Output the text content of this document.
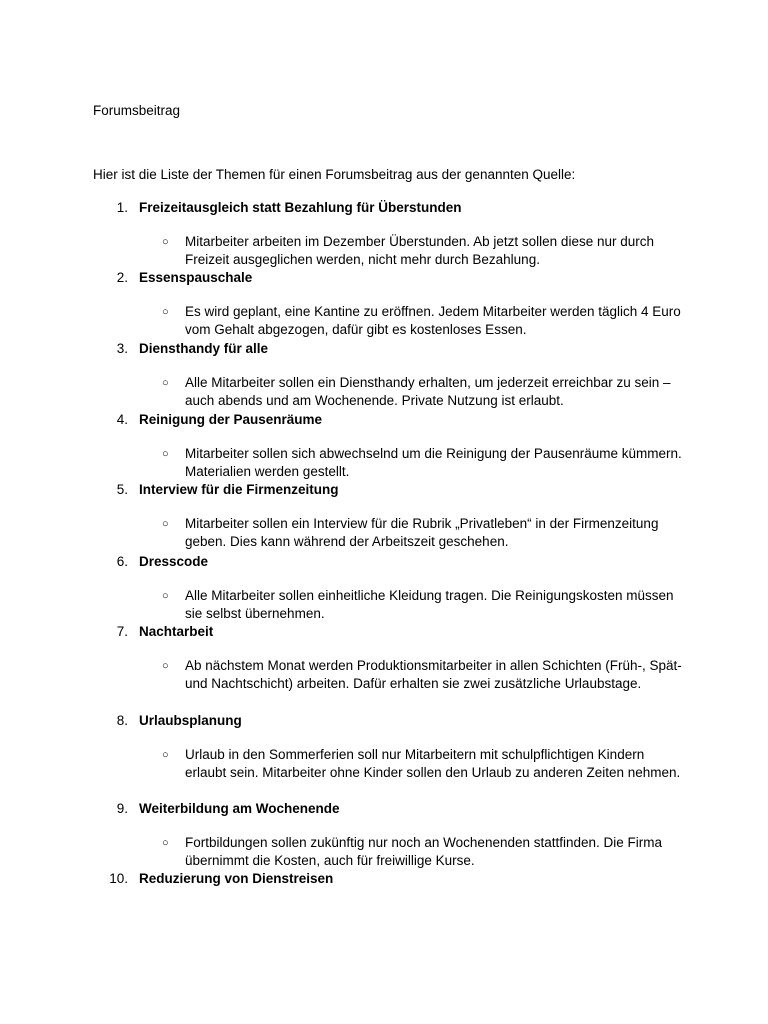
Forumsbeitrag
Hier ist die Liste der Themen für einen Forumsbeitrag aus der genannten Quelle:
1. Freizeitausgleich statt Bezahlung für Überstunden
○ Mitarbeiter arbeiten im Dezember Überstunden. Ab jetzt sollen diese nur durch Freizeit ausgeglichen werden, nicht mehr durch Bezahlung.
2. Essenspauschale
○ Es wird geplant, eine Kantine zu eröffnen. Jedem Mitarbeiter werden täglich 4 Euro vom Gehalt abgezogen, dafür gibt es kostenloses Essen.
3. Diensthandy für alle
○ Alle Mitarbeiter sollen ein Diensthandy erhalten, um jederzeit erreichbar zu sein – auch abends und am Wochenende. Private Nutzung ist erlaubt.
4. Reinigung der Pausenräume
○ Mitarbeiter sollen sich abwechselnd um die Reinigung der Pausenräume kümmern. Materialien werden gestellt.
5. Interview für die Firmenzeitung
○ Mitarbeiter sollen ein Interview für die Rubrik „Privatleben“ in der Firmenzeitung geben. Dies kann während der Arbeitszeit geschehen.
6. Dresscode
○ Alle Mitarbeiter sollen einheitliche Kleidung tragen. Die Reinigungskosten müssen sie selbst übernehmen.
7. Nachtarbeit
○ Ab nächstem Monat werden Produktionsmitarbeiter in allen Schichten (Früh-, Spät- und Nachtschicht) arbeiten. Dafür erhalten sie zwei zusätzliche Urlaubstage.
8. Urlaubsplanung
○ Urlaub in den Sommerferien soll nur Mitarbeitern mit schulpflichtigen Kindern erlaubt sein. Mitarbeiter ohne Kinder sollen den Urlaub zu anderen Zeiten nehmen.
9. Weiterbildung am Wochenende
○ Fortbildungen sollen zukünftig nur noch an Wochenenden stattfinden. Die Firma übernimmt die Kosten, auch für freiwillige Kurse.
10. Reduzierung von Dienstreisen
